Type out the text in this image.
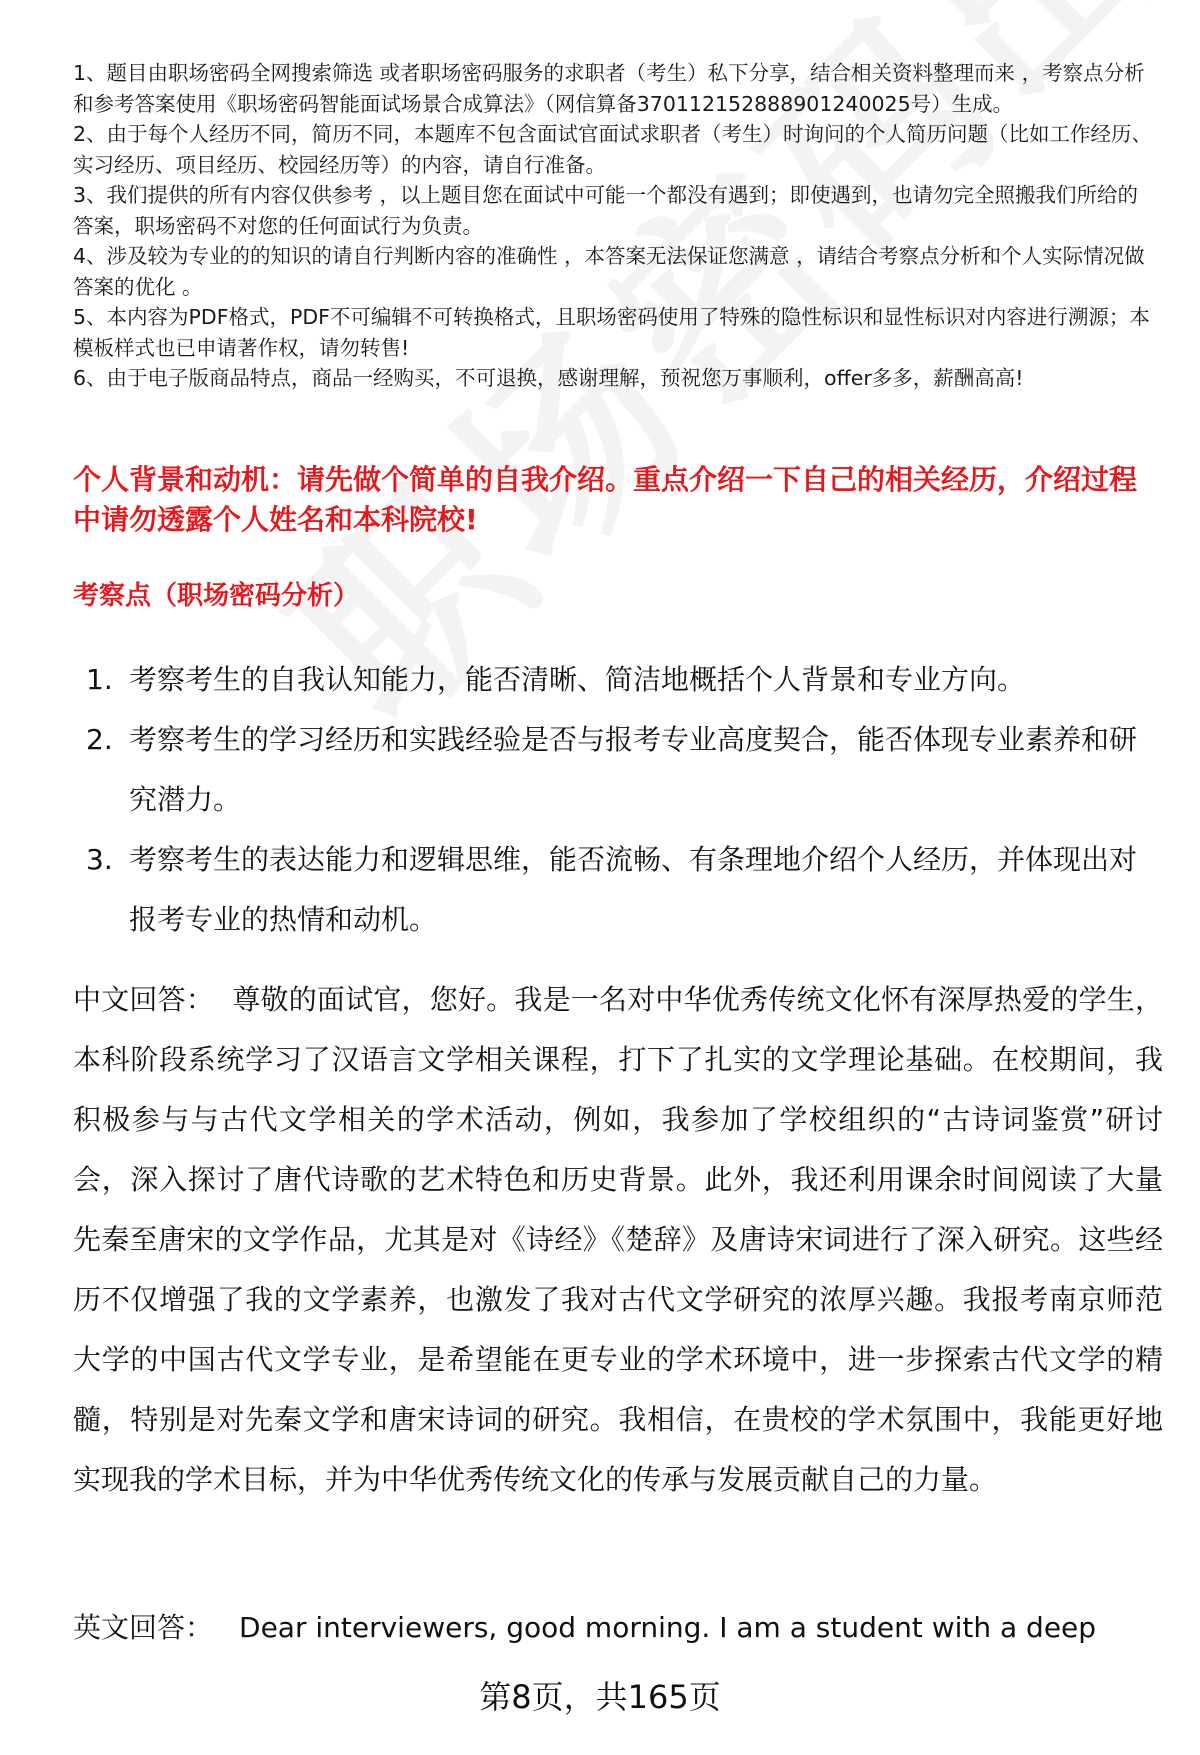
1、题目由职场密码全网搜索筛选 或者职场密码服务的求职者（考生）私下分享，结合相关资料整理而来 ，考察点分析和参考答案使用《职场密码智能面试场景合成算法》（网信算备3701121528889012400​25号）生成。

2、由于每个人经历不同，简历不同，本题库不包含面试官面试求职者（考生）时询问的个人简历问题（比如工作经历、实习经历、项目经历、校园经历等）的内容，请自行准备。

3、我们提供的所有内容仅供参考 ，以上题目您在面试中可能一个都没有遇到；即使遇到，也请勿完全照搬我们所给的答案，职场密码不对您的任何面试行为负责。

4、涉及较为专业的的知识的请自行判断内容的准确性 ，本答案无法保证您满意 ，请结合考察点分析和个人实际情况做答案的优化 。

5、本内容为PDF格式，PDF不可编辑不可转换格式，且职场密码使用了特殊的隐性标识和显性标识对内容进行溯源；本模板样式也已申请著作权，请勿转售!

6、由于电子版商品特点，商品一经购买，不可退换，感谢理解，预祝您万事顺利，offer多多，薪酬高高!

个人背景和动机：请先做个简单的自我介绍。重点介绍一下自己的相关经历，介绍过程中请勿透露个人姓名和本科院校!
考察点（职场密码分析）
1. 考察考生的自我认知能力，能否清晰、简洁地概括个人背景和专业方向。
2. 考察考生的学习经历和实践经验是否与报考专业高度契合，能否体现专业素养和研究潜力。
3. 考察考生的表达能力和逻辑思维，能否流畅、有条理地介绍个人经历，并体现出对报考专业的热情和动机。

中文回答： 尊敬的面试官，您好。我是一名对中华优秀传统文化怀有深厚热爱的学生，本科阶段系统学习了汉语言文学相关课程，打下了扎实的文学理论基础。在校期间，我积极参与与古代文学相关的学术活动，例如，我参加了学校组织的“古诗词鉴赏”研讨会，深入探讨了唐代诗歌的艺术特色和历史背景。此外，我还利用课余时间阅读了大量先秦至唐宋的文学作品，尤其是对《诗经》《楚辞》及唐诗宋词进行了深入研究。这些经历不仅增强了我的文学素养，也激发了我对古代文学研究的浓厚兴趣。我报考南京师范大学的中国古代文学专业，是希望能在更专业的学术环境中，进一步探索古代文学的精髓，特别是对先秦文学和唐宋诗词的研究。我相信，在贵校的学术氛围中，我能更好地实现我的学术目标，并为中华优秀传统文化的传承与发展贡献自己的力量。

英文回答： Dear interviewers, good morning. I am a student with a deep

第8页，共165页
